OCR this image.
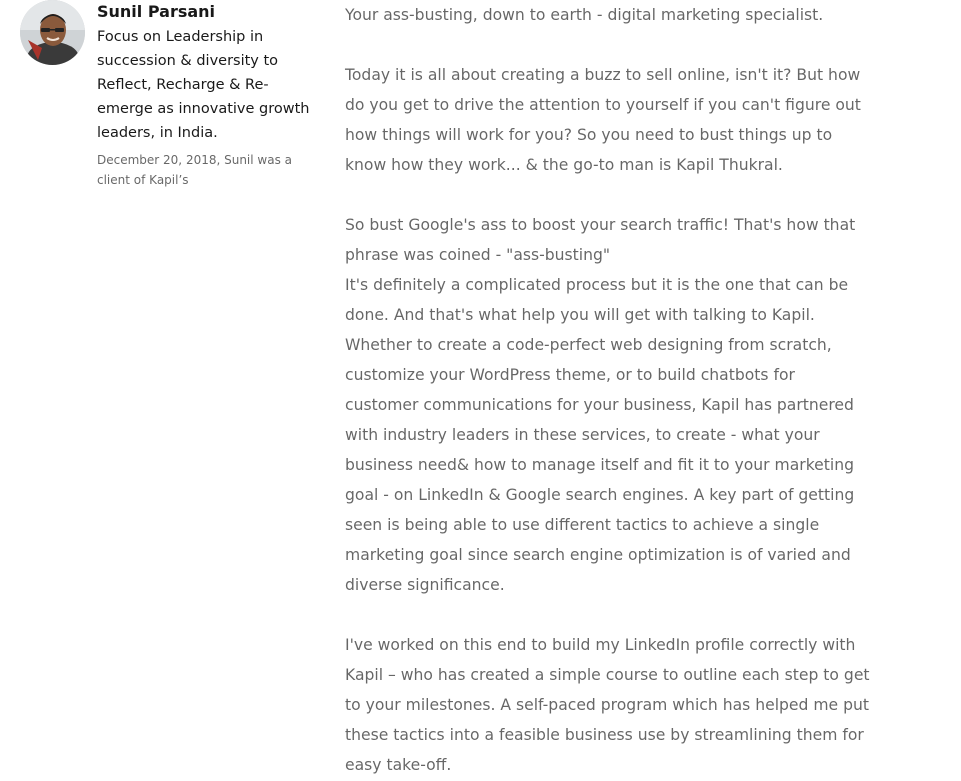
Sunil Parsani

Focus on Leadership in
succession & diversity to
Reflect, Recharge & Re-
emerge as innovative growth
leaders, in India.

December 20, 2018, Sunil was a
client of Kapil’s

Your ass-busting, down to earth - digital marketing specialist.

Today it is all about creating a buzz to sell online, isn't it? But how
do you get to drive the attention to yourself if you can't figure out
how things will work for you? So you need to bust things up to
know how they work... & the go-to man is Kapil Thukral.

So bust Google's ass to boost your search traffic! That's how that
phrase was coined - "ass-busting"
It's definitely a complicated process but it is the one that can be
done. And that's what help you will get with talking to Kapil.
Whether to create a code-perfect web designing from scratch,
customize your WordPress theme, or to build chatbots for
customer communications for your business, Kapil has partnered
with industry leaders in these services, to create - what your
business need& how to manage itself and fit it to your marketing
goal - on LinkedIn & Google search engines. A key part of getting
seen is being able to use different tactics to achieve a single
marketing goal since search engine optimization is of varied and
diverse significance.

I've worked on this end to build my LinkedIn profile correctly with
Kapil – who has created a simple course to outline each step to get
to your milestones. A self-paced program which has helped me put
these tactics into a feasible business use by streamlining them for
easy take-off.
